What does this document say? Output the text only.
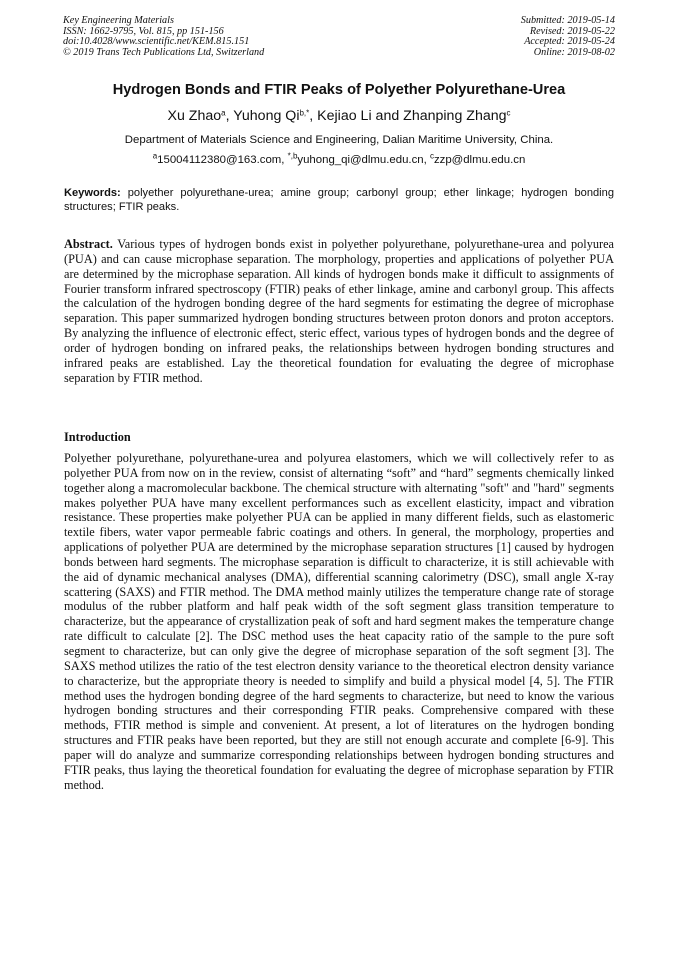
Key Engineering Materials
ISSN: 1662-9795, Vol. 815, pp 151-156
doi:10.4028/www.scientific.net/KEM.815.151
© 2019 Trans Tech Publications Ltd, Switzerland
Submitted: 2019-05-14
Revised: 2019-05-22
Accepted: 2019-05-24
Online: 2019-08-02
Hydrogen Bonds and FTIR Peaks of Polyether Polyurethane-Urea
Xu Zhao$^a$, Yuhong $Qi^{b,*}$, Kejiao Li and Zhanping Zhang$^c$
Department of Materials Science and Engineering, Dalian Maritime University, China.
$^a$15004112380@163.com, $^{*,b}$yuhong_qi@dlmu.edu.cn, $^c$zzp@dlmu.edu.cn
Keywords: polyether polyurethane-urea; amine group; carbonyl group; ether linkage; hydrogen bonding structures; FTIR peaks.
Abstract. Various types of hydrogen bonds exist in polyether polyurethane, polyurethane-urea and polyurea (PUA) and can cause microphase separation. The morphology, properties and applications of polyether PUA are determined by the microphase separation. All kinds of hydrogen bonds make it difficult to assignments of Fourier transform infrared spectroscopy (FTIR) peaks of ether linkage, amine and carbonyl group. This affects the calculation of the hydrogen bonding degree of the hard segments for estimating the degree of microphase separation. This paper summarized hydrogen bonding structures between proton donors and proton acceptors. By analyzing the influence of electronic effect, steric effect, various types of hydrogen bonds and the degree of order of hydrogen bonding on infrared peaks, the relationships between hydrogen bonding structures and infrared peaks are established. Lay the theoretical foundation for evaluating the degree of microphase separation by FTIR method.
Introduction
Polyether polyurethane, polyurethane-urea and polyurea elastomers, which we will collectively refer to as polyether PUA from now on in the review, consist of alternating “soft” and “hard” segments chemically linked together along a macromolecular backbone. The chemical structure with alternating "soft" and "hard" segments makes polyether PUA have many excellent performances such as excellent elasticity, impact and vibration resistance. These properties make polyether PUA can be applied in many different fields, such as elastomeric textile fibers, water vapor permeable fabric coatings and others. In general, the morphology, properties and applications of polyether PUA are determined by the microphase separation structures [1] caused by hydrogen bonds between hard segments. The microphase separation is difficult to characterize, it is still achievable with the aid of dynamic mechanical analyses (DMA), differential scanning calorimetry (DSC), small angle X-ray scattering (SAXS) and FTIR method. The DMA method mainly utilizes the temperature change rate of storage modulus of the rubber platform and half peak width of the soft segment glass transition temperature to characterize, but the appearance of crystallization peak of soft and hard segment makes the temperature change rate difficult to calculate [2]. The DSC method uses the heat capacity ratio of the sample to the pure soft segment to characterize, but can only give the degree of microphase separation of the soft segment [3]. The SAXS method utilizes the ratio of the test electron density variance to the theoretical electron density variance to characterize, but the appropriate theory is needed to simplify and build a physical model [4, 5]. The FTIR method uses the hydrogen bonding degree of the hard segments to characterize, but need to know the various hydrogen bonding structures and their corresponding FTIR peaks. Comprehensive compared with these methods, FTIR method is simple and convenient. At present, a lot of literatures on the hydrogen bonding structures and FTIR peaks have been reported, but they are still not enough accurate and complete [6-9]. This paper will do analyze and summarize corresponding relationships between hydrogen bonding structures and FTIR peaks, thus laying the theoretical foundation for evaluating the degree of microphase separation by FTIR method.
